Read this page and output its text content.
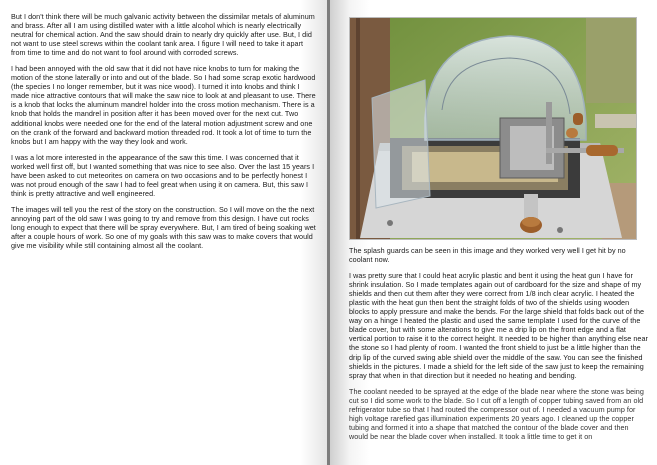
But I don't think there will be much galvanic activity between the dissimilar metals of aluminum and brass. After all I am using distilled water with a little alcohol which is nearly electrically neutral for chemical action. And the saw should drain to nearly dry quickly after use. But, I did not want to use steel screws within the coolant tank area. I figure I will need to take it apart from time to time and do not want to fool around with corroded screws.

I had been annoyed with the old saw that it did not have nice knobs to turn for making the motion of the stone laterally or into and out of the blade. So I had some scrap exotic hardwood (the species I no longer remember, but it was nice wood). I turned it into knobs and think I made nice attractive contours that will make the saw nice to look at and pleasant to use. There is a knob that locks the aluminum mandrel holder into the cross motion mechanism. There is a knob that holds the mandrel in position after it has been moved over for the next cut. Two additional knobs were needed one for the end of the lateral motion adjustment screw and one on the crank of the forward and backward motion threaded rod. It took a lot of time to turn the knobs but I am happy with the way they look and work.

I was a lot more interested in the appearance of the saw this time. I was concerned that it worked well first off, but I wanted something that was nice to see also. Over the last 15 years I have been asked to cut meteorites on camera on two occasions and to be perfectly honest I was not proud enough of the saw I had to feel great when using it on camera. But, this saw I think is pretty attractive and well engineered.

The images will tell you the rest of the story on the construction. So I will move on the the next annoying part of the old saw I was going to try and remove from this design. I have cut rocks long enough to expect that there will be spray everywhere. But, I am tired of being soaking wet after a couple hours of work. So one of my goals with this saw was to make covers that would give me visibility while still containing almost all the coolant.

The splash guards can be seen in this image and they worked very well I get hit by no coolant now.

I was pretty sure that I could heat acrylic plastic and bent it using the heat gun I have for shrink insulation. So I made templates again out of cardboard for the size and shape of my shields and then cut them after they were correct from 1/8 inch clear acrylic. I heated the plastic with the heat gun then bent the straight folds of two of the shields using wooden blocks to apply pressure and make the bends. For the large shield that folds back out of the way on a hinge I heated the plastic and used the same template I used for the curve of the blade cover, but with some alterations to give me a drip lip on the front edge and a flat vertical portion to raise it to the correct height. It needed to be higher than anything else near the stone so I had plenty of room. I wanted the front shield to just be a little higher than the drip lip of the curved swing able shield over the middle of the saw. You can see the finished shields in the pictures. I made a shield for the left side of the saw just to keep the remaining spray that when in that direction but it needed no heating and bending.

The coolant needed to be sprayed at the edge of the blade near where the stone was being cut so I did some work to the blade. So I cut off a length of copper tubing saved from an old refrigerator tube so that I had routed the compressor out of. I needed a vacuum pump for high voltage rarefied gas illumination experiments 20 years ago. I cleaned up the copper tubing and formed it into a shape that matched the contour of the blade cover and then would be near the blade cover when installed. It took a little time to get it on
